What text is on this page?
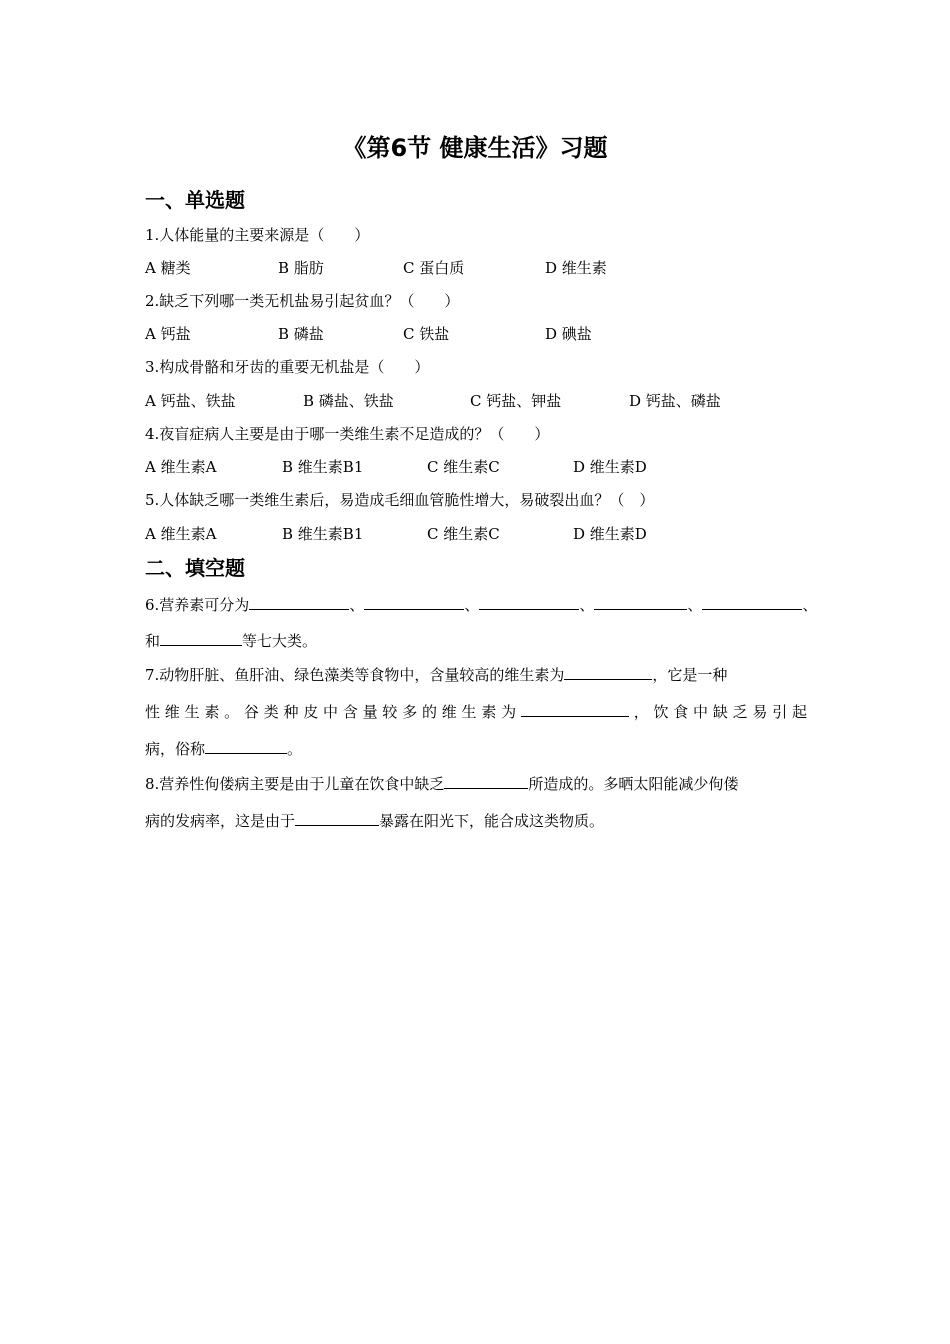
《第6节 健康生活》习题
一、单选题
1.人体能量的主要来源是（　　）
A 糖类	B 脂肪	C 蛋白质	D 维生素
2.缺乏下列哪一类无机盐易引起贫血？（　　）
A 钙盐	B 磷盐	C 铁盐	D 碘盐
3.构成骨骼和牙齿的重要无机盐是（　　）
A 钙盐、铁盐	B 磷盐、铁盐	C 钙盐、钾盐	D 钙盐、磷盐
4.夜盲症病人主要是由于哪一类维生素不足造成的？（　　）
A 维生素A	B 维生素B1	C 维生素C	D 维生素D
5.人体缺乏哪一类维生素后，易造成毛细血管脆性增大，易破裂出血？（　）
A 维生素A	B 维生素B1	C 维生素C	D 维生素D
二、填空题
6.营养素可分为	、	、	、	、	、
和	等七大类。
7.动物肝脏、鱼肝油、绿色藻类等食物中，含量较高的维生素为	，它是一种
性维生素。谷类种皮中含量较多的维生素为	，饮食中缺乏易引起
病，俗称	。
8.营养性佝偻病主要是由于儿童在饮食中缺乏	所造成的。多晒太阳能减少佝偻
病的发病率，这是由于	暴露在阳光下，能合成这类物质。
